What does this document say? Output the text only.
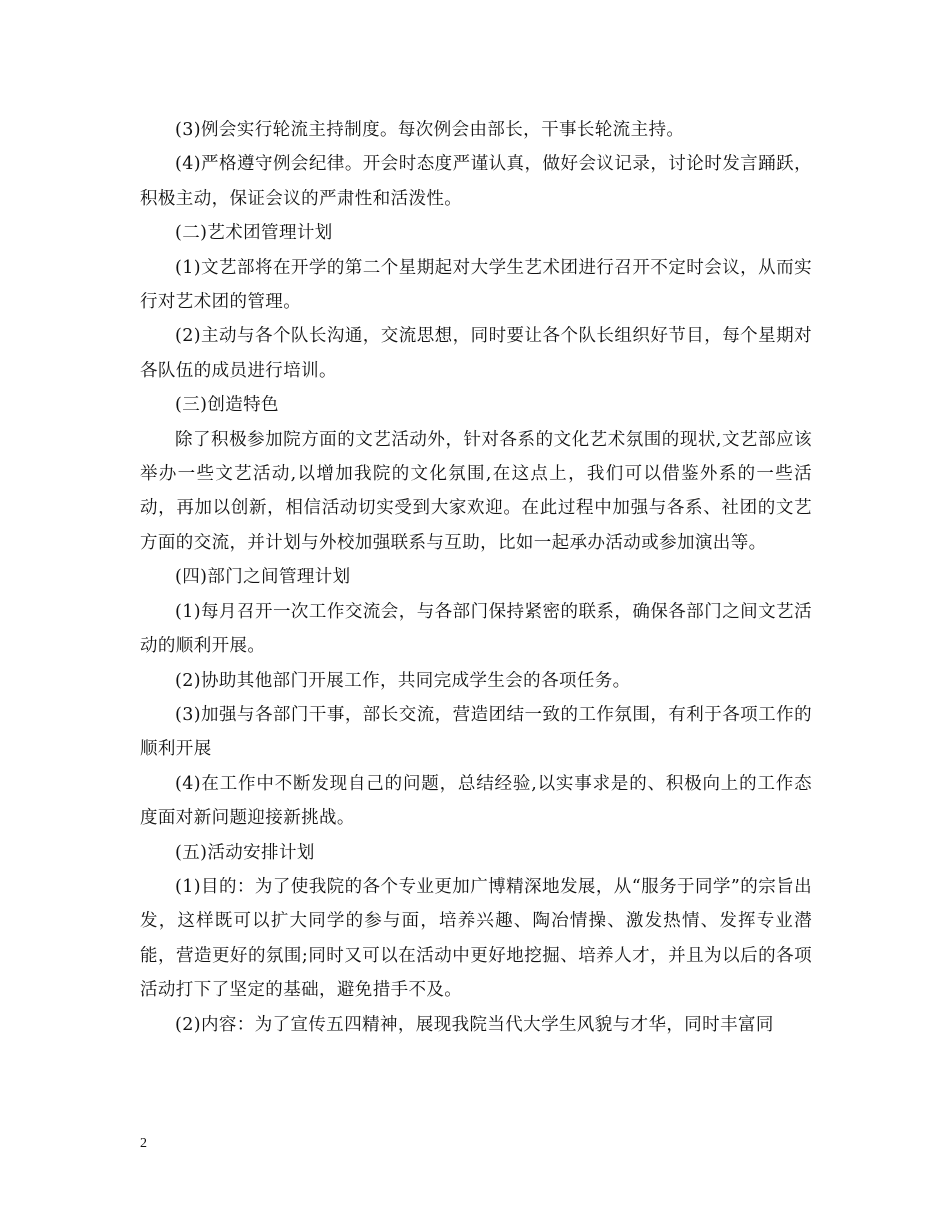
(3)例会实行轮流主持制度。每次例会由部长，干事长轮流主持。

(4)严格遵守例会纪律。开会时态度严谨认真，做好会议记录，讨论时发言踊跃，积极主动，保证会议的严肃性和活泼性。

(二)艺术团管理计划

(1)文艺部将在开学的第二个星期起对大学生艺术团进行召开不定时会议，从而实行对艺术团的管理。

(2)主动与各个队长沟通，交流思想，同时要让各个队长组织好节目，每个星期对各队伍的成员进行培训。

(三)创造特色

除了积极参加院方面的文艺活动外，针对各系的文化艺术氛围的现状,文艺部应该举办一些文艺活动,以增加我院的文化氛围,在这点上，我们可以借鉴外系的一些活动，再加以创新，相信活动切实受到大家欢迎。在此过程中加强与各系、社团的文艺方面的交流，并计划与外校加强联系与互助，比如一起承办活动或参加演出等。

(四)部门之间管理计划

(1)每月召开一次工作交流会，与各部门保持紧密的联系，确保各部门之间文艺活动的顺利开展。

(2)协助其他部门开展工作，共同完成学生会的各项任务。

(3)加强与各部门干事，部长交流，营造团结一致的工作氛围，有利于各项工作的顺利开展

(4)在工作中不断发现自己的问题，总结经验,以实事求是的、积极向上的工作态度面对新问题迎接新挑战。

(五)活动安排计划

(1)目的：为了使我院的各个专业更加广博精深地发展，从“服务于同学”的宗旨出发，这样既可以扩大同学的参与面，培养兴趣、陶冶情操、激发热情、发挥专业潜能，营造更好的氛围;同时又可以在活动中更好地挖掘、培养人才，并且为以后的各项活动打下了坚定的基础，避免措手不及。

(2)内容：为了宣传五四精神，展现我院当代大学生风貌与才华，同时丰富同

2
